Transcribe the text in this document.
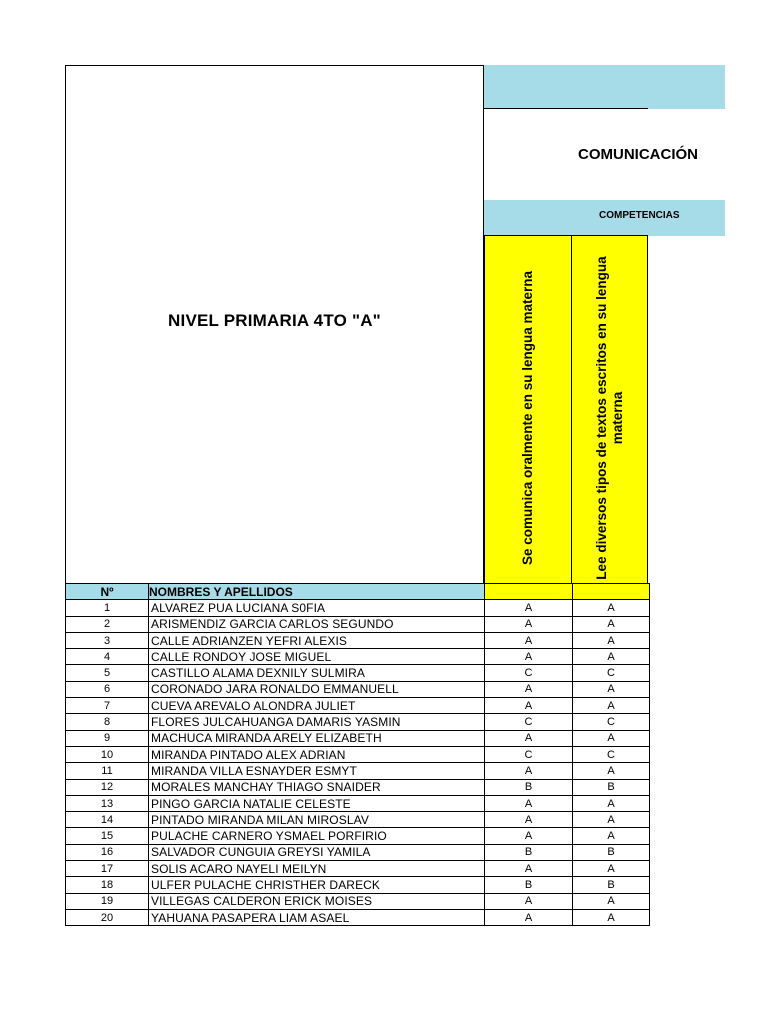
NIVEL PRIMARIA 4TO "A"
COMUNICACIÓN
COMPETENCIAS
Se comunica oralmente en su lengua materna	Lee diversos tipos de textos escritos en su lengua materna
Nº	NOMBRES Y APELLIDOS		
1	ALVAREZ PUA LUCIANA S0FIA	A	A
2	ARISMENDIZ GARCIA CARLOS SEGUNDO	A	A
3	CALLE ADRIANZEN YEFRI ALEXIS	A	A
4	CALLE RONDOY JOSE MIGUEL	A	A
5	CASTILLO ALAMA DEXNILY SULMIRA	C	C
6	CORONADO JARA RONALDO EMMANUELL	A	A
7	CUEVA AREVALO ALONDRA JULIET	A	A
8	FLORES JULCAHUANGA DAMARIS YASMIN	C	C
9	MACHUCA MIRANDA ARELY ELIZABETH	A	A
10	MIRANDA PINTADO ALEX ADRIAN	C	C
11	MIRANDA VILLA ESNAYDER ESMYT	A	A
12	MORALES MANCHAY THIAGO SNAIDER	B	B
13	PINGO GARCIA NATALIE CELESTE	A	A
14	PINTADO MIRANDA MILAN MIROSLAV	A	A
15	PULACHE CARNERO YSMAEL PORFIRIO	A	A
16	SALVADOR CUNGUIA GREYSI YAMILA	B	B
17	SOLIS ACARO NAYELI MEILYN	A	A
18	ULFER PULACHE CHRISTHER DARECK	B	B
19	VILLEGAS CALDERON ERICK MOISES	A	A
20	YAHUANA PASAPERA LIAM ASAEL	A	A
